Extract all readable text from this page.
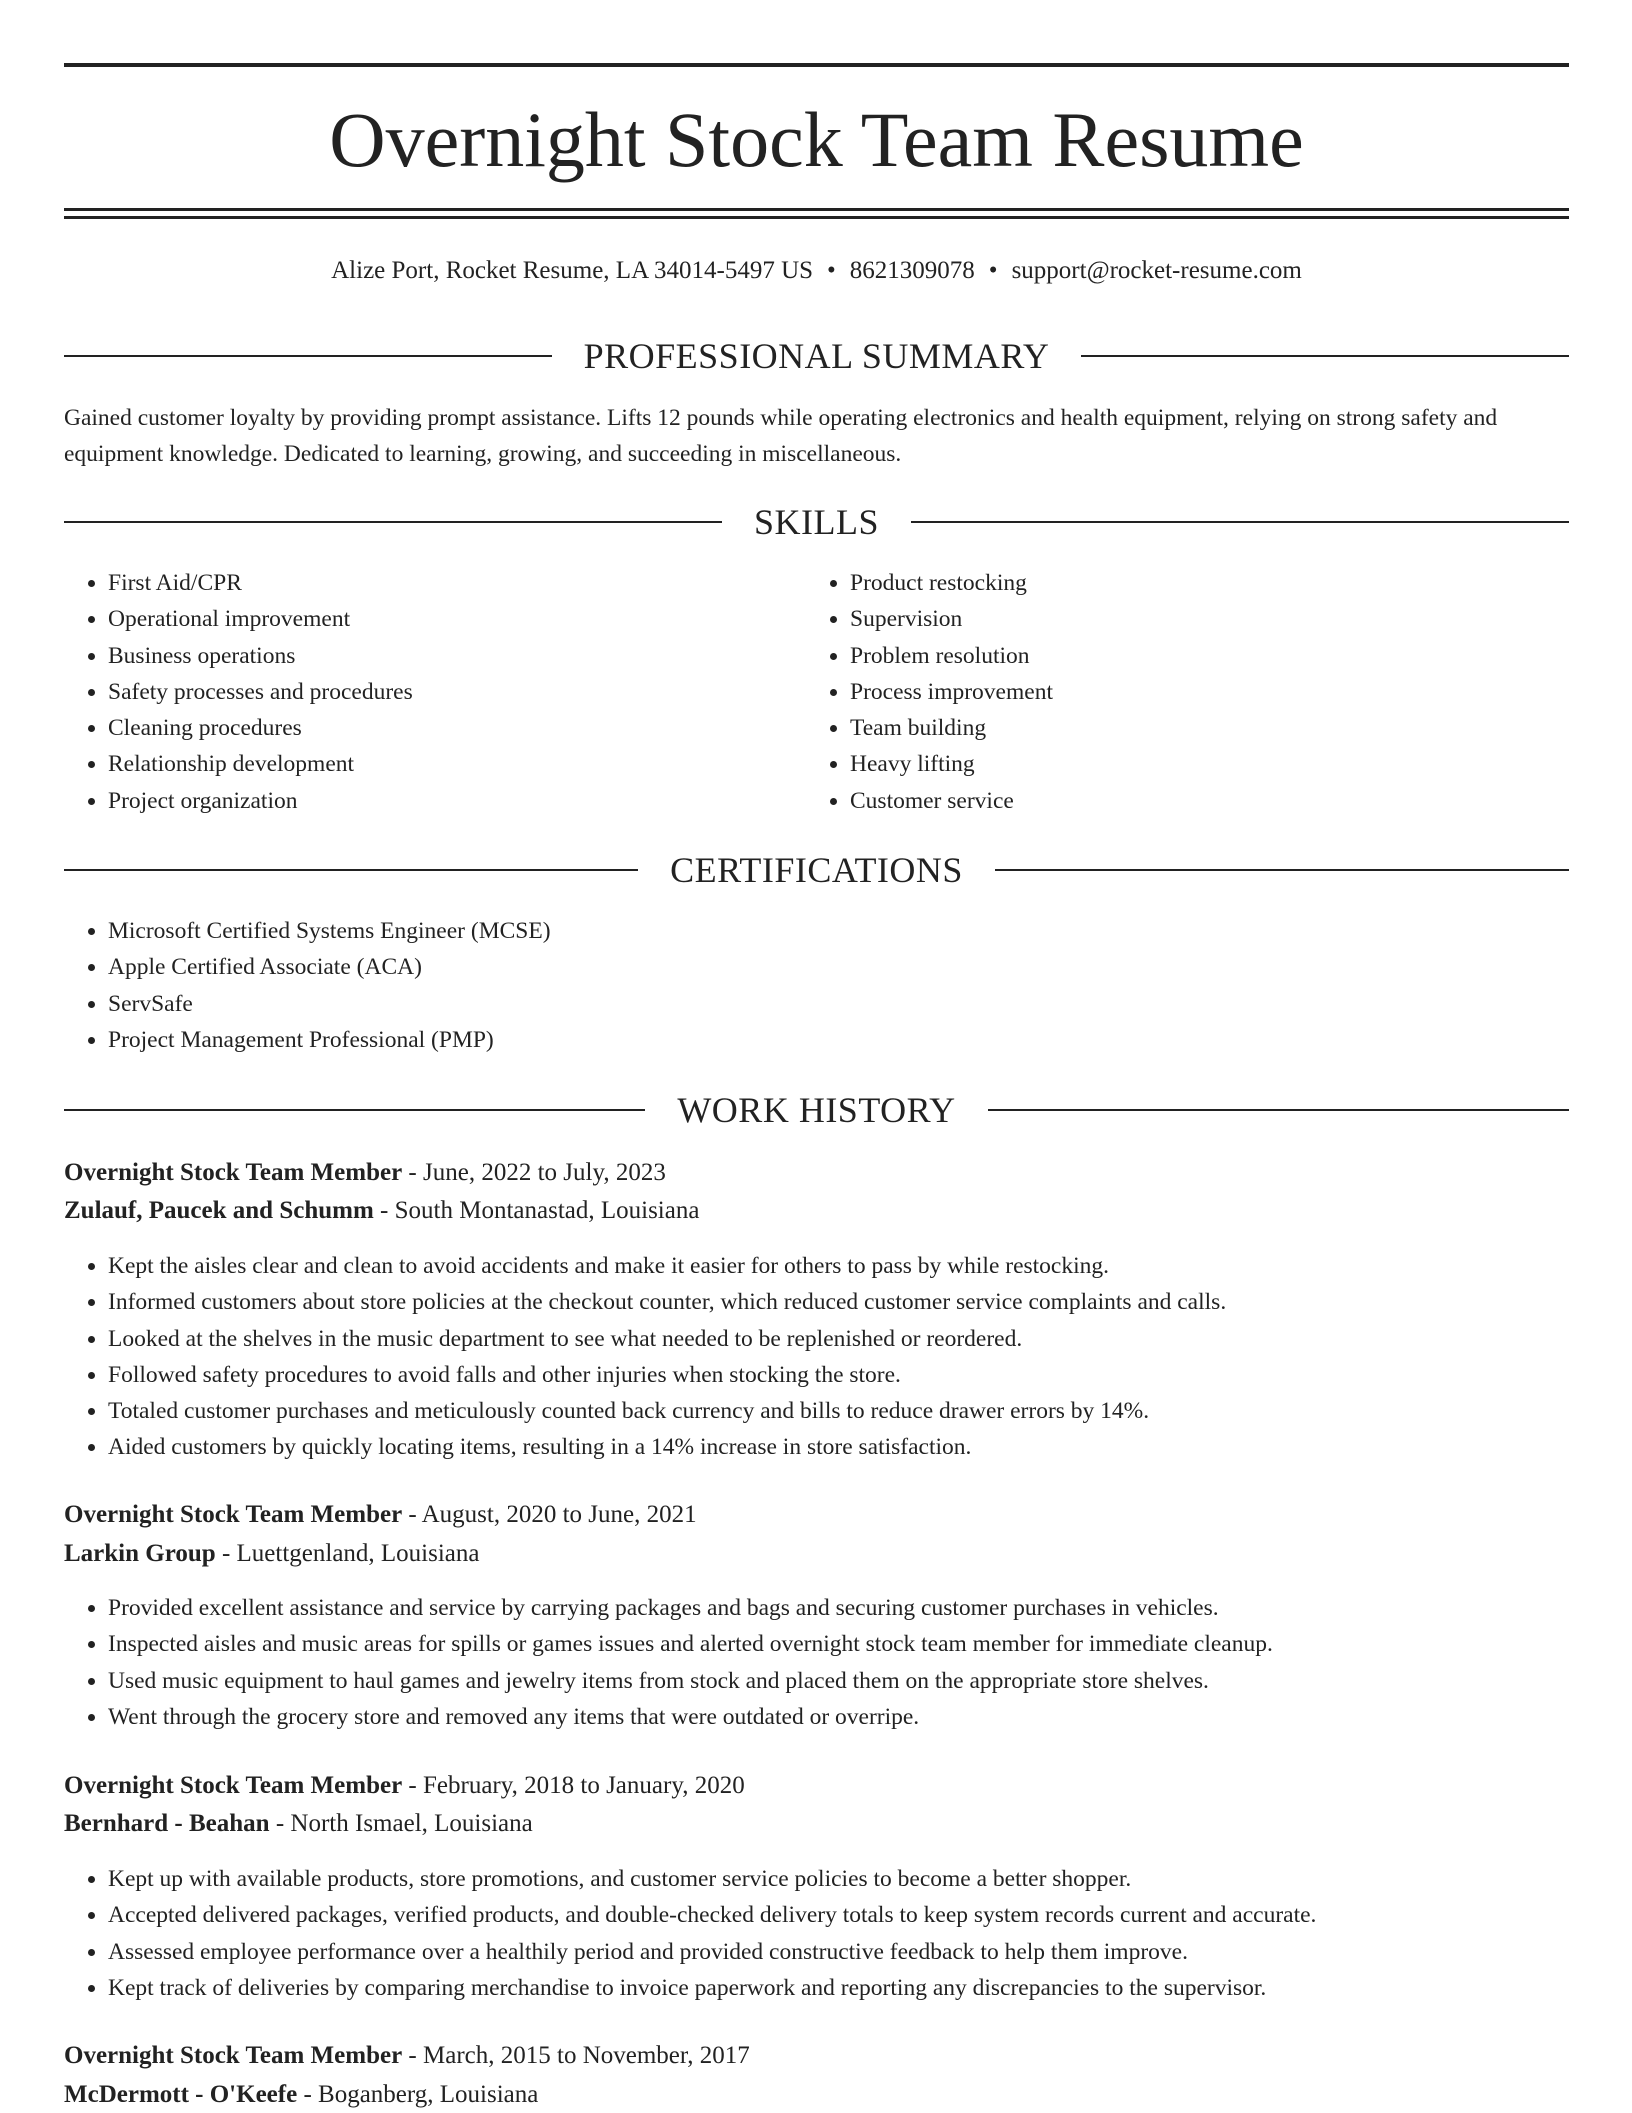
Overnight Stock Team Resume
Alize Port, Rocket Resume, LA 34014-5497 US • 8621309078 • support@rocket-resume.com
PROFESSIONAL SUMMARY

Gained customer loyalty by providing prompt assistance. Lifts 12 pounds while operating electronics and health equipment, relying on strong safety and equipment knowledge. Dedicated to learning, growing, and succeeding in miscellaneous.

SKILLS
• First Aid/CPR
• Operational improvement
• Business operations
• Safety processes and procedures
• Cleaning procedures
• Relationship development
• Project organization
• Product restocking
• Supervision
• Problem resolution
• Process improvement
• Team building
• Heavy lifting
• Customer service
CERTIFICATIONS
• Microsoft Certified Systems Engineer (MCSE)
• Apple Certified Associate (ACA)
• ServSafe
• Project Management Professional (PMP)
WORK HISTORY
Overnight Stock Team Member - June, 2022 to July, 2023
Zulauf, Paucek and Schumm - South Montanastad, Louisiana
• Kept the aisles clear and clean to avoid accidents and make it easier for others to pass by while restocking.
• Informed customers about store policies at the checkout counter, which reduced customer service complaints and calls.
• Looked at the shelves in the music department to see what needed to be replenished or reordered.
• Followed safety procedures to avoid falls and other injuries when stocking the store.
• Totaled customer purchases and meticulously counted back currency and bills to reduce drawer errors by 14%.
• Aided customers by quickly locating items, resulting in a 14% increase in store satisfaction.
Overnight Stock Team Member - August, 2020 to June, 2021
Larkin Group - Luettgenland, Louisiana
• Provided excellent assistance and service by carrying packages and bags and securing customer purchases in vehicles.
• Inspected aisles and music areas for spills or games issues and alerted overnight stock team member for immediate cleanup.
• Used music equipment to haul games and jewelry items from stock and placed them on the appropriate store shelves.
• Went through the grocery store and removed any items that were outdated or overripe.
Overnight Stock Team Member - February, 2018 to January, 2020
Bernhard - Beahan - North Ismael, Louisiana
• Kept up with available products, store promotions, and customer service policies to become a better shopper.
• Accepted delivered packages, verified products, and double-checked delivery totals to keep system records current and accurate.
• Assessed employee performance over a healthily period and provided constructive feedback to help them improve.
• Kept track of deliveries by comparing merchandise to invoice paperwork and reporting any discrepancies to the supervisor.
Overnight Stock Team Member - March, 2015 to November, 2017
McDermott - O'Keefe - Boganberg, Louisiana
